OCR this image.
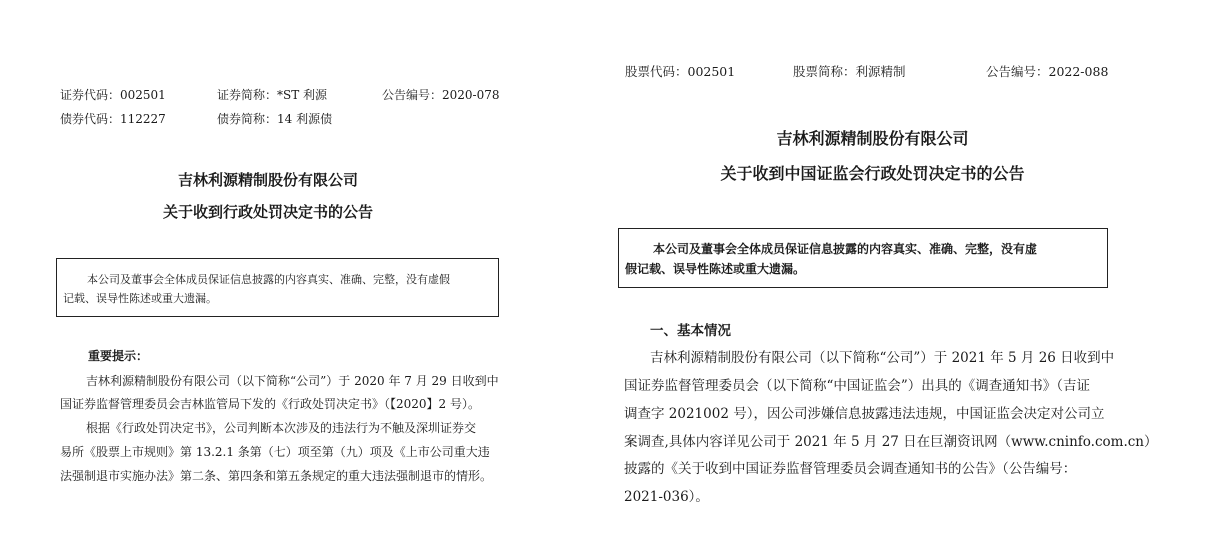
证券代码：002501	证券简称：*ST 利源	公告编号：2020-078
债券代码：112227	债券简称：14 利源债
吉林利源精制股份有限公司
关于收到行政处罚决定书的公告
本公司及董事会全体成员保证信息披露的内容真实、准确、完整，没有虚假
记载、误导性陈述或重大遗漏。
重要提示：
吉林利源精制股份有限公司（以下简称“公司”）于 2020 年 7 月 29 日收到中
国证券监督管理委员会吉林监管局下发的《行政处罚决定书》（【2020】2 号）。
根据《行政处罚决定书》，公司判断本次涉及的违法行为不触及深圳证券交
易所《股票上市规则》第 13.2.1 条第（七）项至第（九）项及《上市公司重大违
法强制退市实施办法》第二条、第四条和第五条规定的重大违法强制退市的情形。
股票代码：002501	股票简称：利源精制	公告编号：2022-088
吉林利源精制股份有限公司
关于收到中国证监会行政处罚决定书的公告
本公司及董事会全体成员保证信息披露的内容真实、准确、完整，没有虚
假记载、误导性陈述或重大遗漏。
一、基本情况
吉林利源精制股份有限公司（以下简称“公司”）于 2021 年 5 月 26 日收到中
国证券监督管理委员会（以下简称“中国证监会”）出具的《调查通知书》（吉证
调查字 2021002 号），因公司涉嫌信息披露违法违规，中国证监会决定对公司立
案调查,具体内容详见公司于 2021 年 5 月 27 日在巨潮资讯网（www.cninfo.com.cn）
披露的《关于收到中国证券监督管理委员会调查通知书的公告》（公告编号：
2021-036）。
